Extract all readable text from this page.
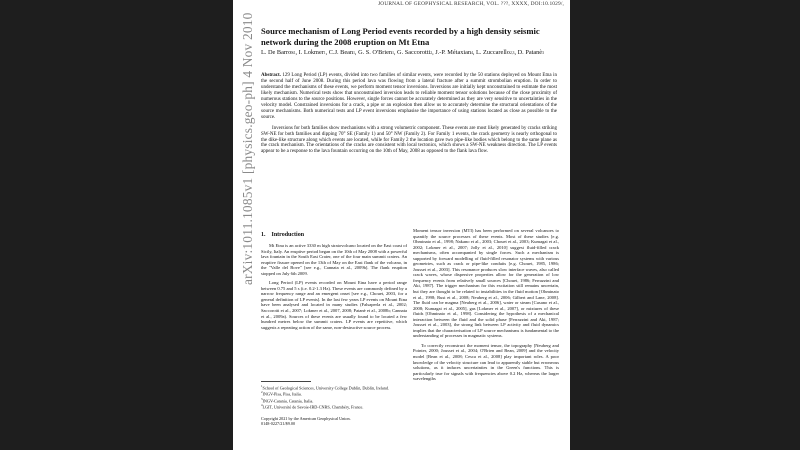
JOURNAL OF GEOPHYSICAL RESEARCH, VOL. ???, XXXX, DOI:10.1029/,
arXiv:1011.1085v1 [physics.geo-ph] 4 Nov 2010 Source mechanism of Long Period events recorded by a high density seismic network during the 2008 eruption on Mt Etna
L. De Barros$^1$, I. Lokmer$^1$, C.J. Bean$^1$, G. S. O'Brien$^1$, G. Saccorotti$^2$, J.-P. Métaxian$^4$, L. Zuccarello$^{2,3}$, D. Patanè$^3$

Abstract. 129 Long Period (LP) events, divided into two families of similar events, were recorded by the 50 stations deployed on Mount Etna in the second half of June 2008. During this period lava was flowing from a lateral fracture after a summit strombolian eruption. In order to understand the mechanisms of these events, we perform moment tensor inversions. Inversions are initially kept unconstrained to estimate the most likely mechanism. Numerical tests show that unconstrained inversion leads to reliable moment tensor solutions because of the close proximity of numerous stations to the source positions. However, single forces cannot be accurately determined as they are very sensitive to uncertainties in the velocity model. Constrained inversions for a crack, a pipe or an explosion then allow us to accurately determine the structural orientations of the source mechanisms. Both numerical tests and LP event inversions emphasise the importance of using stations located as close as possible to the source.

Inversions for both families show mechanisms with a strong volumetric component. These events are most likely generated by cracks striking SW-NE for both families and dipping 70° SE (Family 1) and 50° NW (Family 2). For Family 1 events, the crack geometry is nearly orthogonal to the dike-like structure along which events are located, while for Family 2 the location gave two pipe-like bodies which belong to the same plane as the crack mechanism. The orientations of the cracks are consistent with local tectonics, which shows a SW-NE weakness direction. The LP events appear to be a response to the lava fountain occurring on the 10th of May, 2008 as opposed to the flank lava flow.

1. Introduction

Mt Etna is an active 3330 m high stratovolcano located on the East coast of Sicily, Italy. An eruptive period began on the 10th of May 2008 with a powerful lava fountain in the South East Crater, one of the four main summit craters. An eruptive fissure opened on the 13th of May on the East flank of the volcano, in the "Valle del Bove" [see e.g., Cannata et al., 2009b]. The flank eruption stopped on July 6th 2009.

Long Period (LP) events recorded on Mount Etna have a period range between 0.75 and 5 s (i.e. 0.2-1.3 Hz). These events are commonly defined by a narrow frequency range and an emergent onset [see e.g., Chouet, 2003, for a general definition of LP events]. In the last few years LP events on Mount Etna have been analysed and located in many studies (Falsaperla et al., 2002; Saccorotti et al., 2007; Lokmer et al., 2007, 2008; Patanè et al., 2008b; Cannata et al., 2009a). Sources of these events are usually found to be located a few hundred metres below the summit craters. LP events are repetitive, which suggests a repeating action of the same, non-destructive source process.

$^1$School of Geological Sciences, University College Dublin, Dublin, Ireland.
$^2$INGV-Pisa, Pisa, Italia.
$^3$INGV-Catania, Catania, Italia.
$^4$LGIT, Université de Savoie-IRD-CNRS, Chambéry, France.
Copyright 2021 by the American Geophysical Union.
0148-0227/21/$9.00

Moment tensor inversion (MTI) has been performed on several volcanoes to quantify the source processes of these events. Most of these studies [e.g. Ohminato et al., 1998; Nakano et al., 2003; Chouet et al., 2003; Kumagai et al., 2002; Lokmer et al., 2007; Jolly et al., 2010] suggest fluid-filled crack mechanisms, often accompanied by single forces. Such a mechanism is supported by forward modelling of fluid-filled resonator systems with various geometries, such as crack or pipe-like conduits [e.g. Chouet, 1985, 1986; Jousset et al., 2003]. This resonance produces slow interface waves, also called crack waves, whose dispersive properties allow for the generation of low frequency events from relatively small sources [Chouet, 1986; Ferrazzini and Aki, 1987]. The trigger mechanism for this excitation still remains uncertain, but they are thought to be related to instabilities in the fluid motion [Ohminato et al., 1998; Rust et al., 2008; Neuberg et al., 2006; Gilbert and Lane, 2008]. The fluid can be magma [Neuberg et al., 2006], water or steam [Cusano et al., 2008; Kumagai et al., 2005], gas [Lokmer et al., 2007], or mixtures of these fluids [Ohminato et al., 1998]. Considering the hypothesis of a mechanical interaction between the fluid and the solid phase [Ferrazzini and Aki, 1987; Jousset et al., 2003], the strong link between LP activity and fluid dynamics implies that the characterisation of LP source mechanisms is fundamental to the understanding of processes in magmatic systems.

To correctly reconstruct the moment tensor, the topography [Neuberg and Pointer, 2000; Jousset et al., 2004; O'Brien and Bean, 2009] and the velocity model [Bean et al., 2008; Cesca et al., 2008] play important roles. A poor knowledge of the velocity structure can lead to apparently stable but erroneous solutions, as it induces uncertainties in the Green's functions. This is particularly true for signals with frequencies above 0.2 Hz, whereas the larger wavelengths
